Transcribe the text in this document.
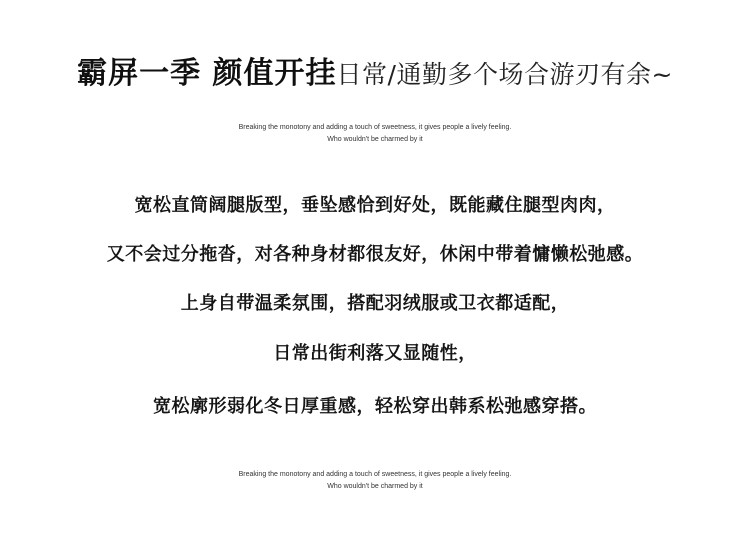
霸屏一季 颜值开挂日常/通勤多个场合游刃有余~
Breaking the monotony and adding a touch of sweetness, it gives people a lively feeling.
Who wouldn't be charmed by it
宽松直筒阔腿版型，垂坠感恰到好处，既能藏住腿型肉肉，
又不会过分拖沓，对各种身材都很友好，休闲中带着慵懒松弛感。
上身自带温柔氛围，搭配羽绒服或卫衣都适配，
日常出街利落又显随性，
宽松廓形弱化冬日厚重感，轻松穿出韩系松弛感穿搭。
Breaking the monotony and adding a touch of sweetness, it gives people a lively feeling.
Who wouldn't be charmed by it
